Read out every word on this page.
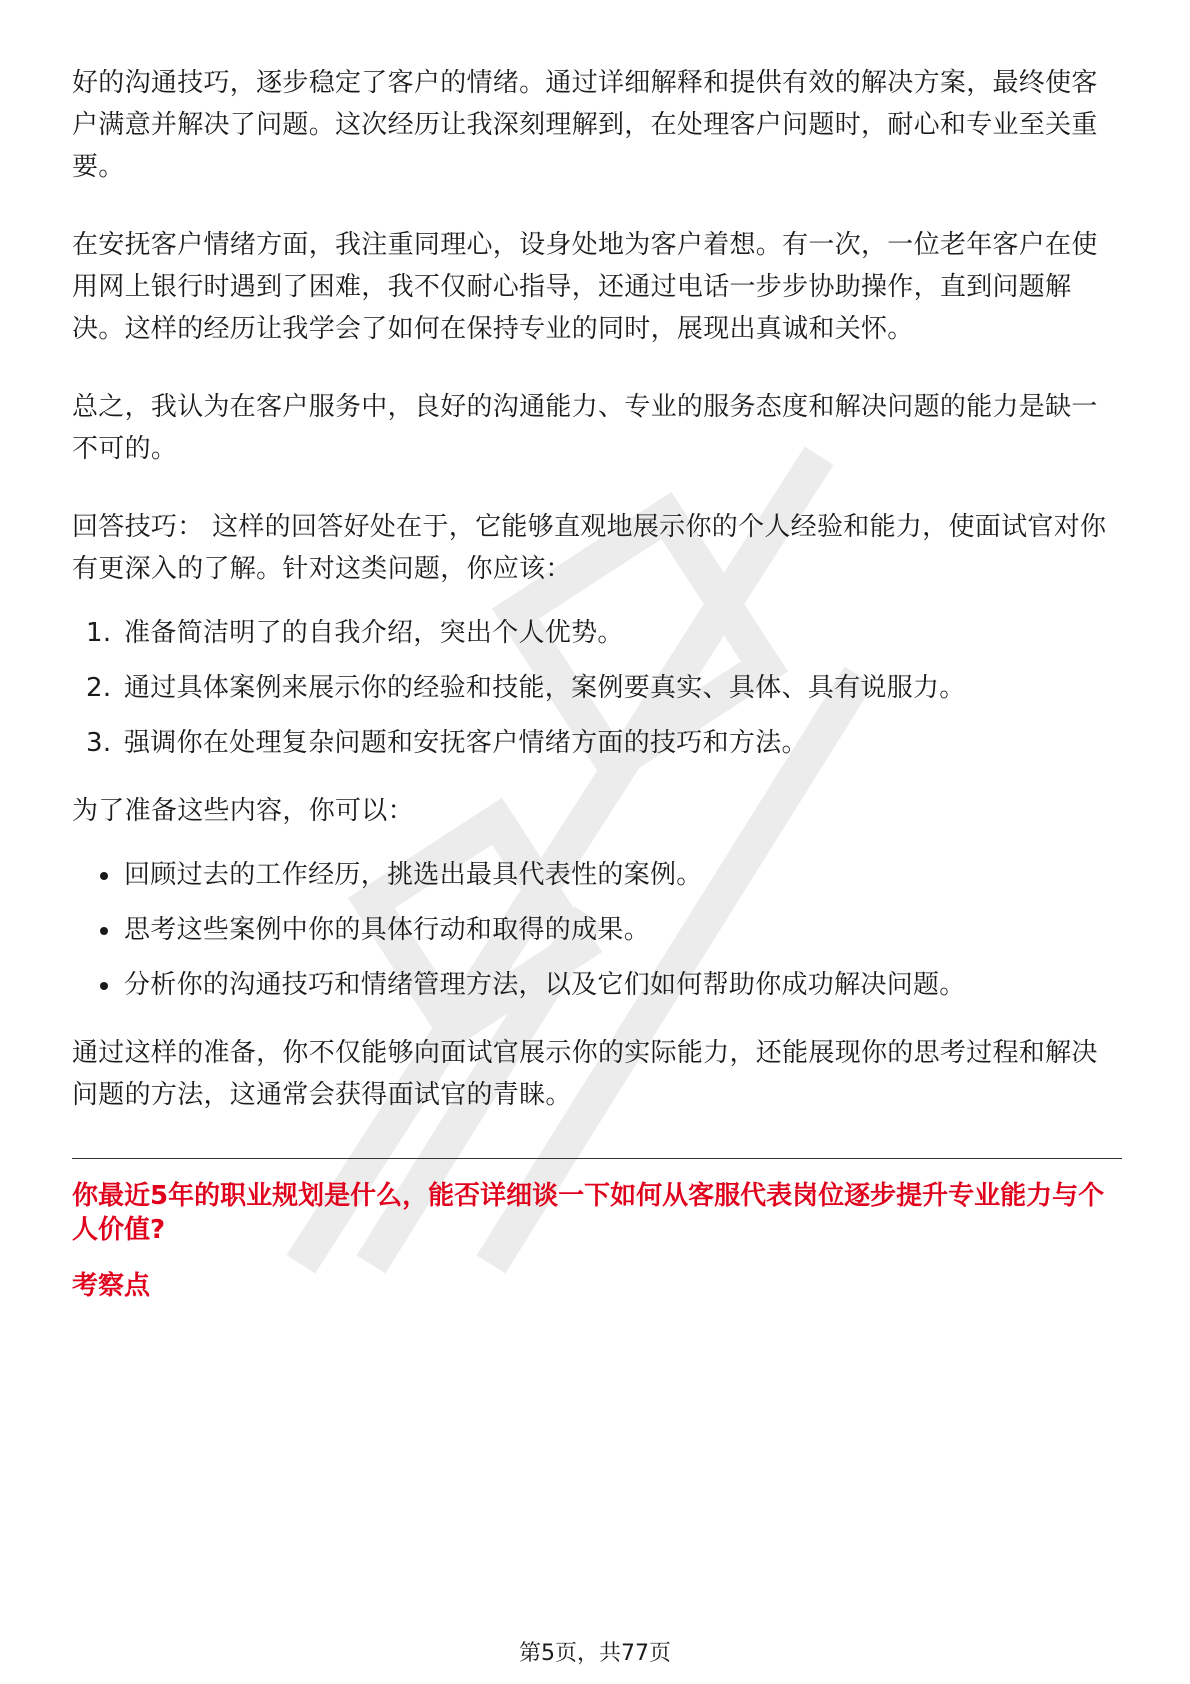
好的沟通技巧，逐步稳定了客户的情绪。通过详细解释和提供有效的解决方案，最终使客户满意并解决了问题。这次经历让我深刻理解到，在处理客户问题时，耐心和专业至关重要。

在安抚客户情绪方面，我注重同理心，设身处地为客户着想。有一次，一位老年客户在使用网上银行时遇到了困难，我不仅耐心指导，还通过电话一步步协助操作，直到问题解决。这样的经历让我学会了如何在保持专业的同时，展现出真诚和关怀。

总之，我认为在客户服务中，良好的沟通能力、专业的服务态度和解决问题的能力是缺一不可的。

回答技巧： 这样的回答好处在于，它能够直观地展示你的个人经验和能力，使面试官对你有更深入的了解。针对这类问题，你应该：

1. 准备简洁明了的自我介绍，突出个人优势。
2. 通过具体案例来展示你的经验和技能，案例要真实、具体、具有说服力。
3. 强调你在处理复杂问题和安抚客户情绪方面的技巧和方法。

为了准备这些内容，你可以：

回顾过去的工作经历，挑选出最具代表性的案例。
思考这些案例中你的具体行动和取得的成果。
分析你的沟通技巧和情绪管理方法，以及它们如何帮助你成功解决问题。

通过这样的准备，你不仅能够向面试官展示你的实际能力，还能展现你的思考过程和解决问题的方法，这通常会获得面试官的青睐。

你最近5年的职业规划是什么，能否详细谈一下如何从客服代表岗位逐步提升专业能力与个人价值?
考察点
第5页，共77页
